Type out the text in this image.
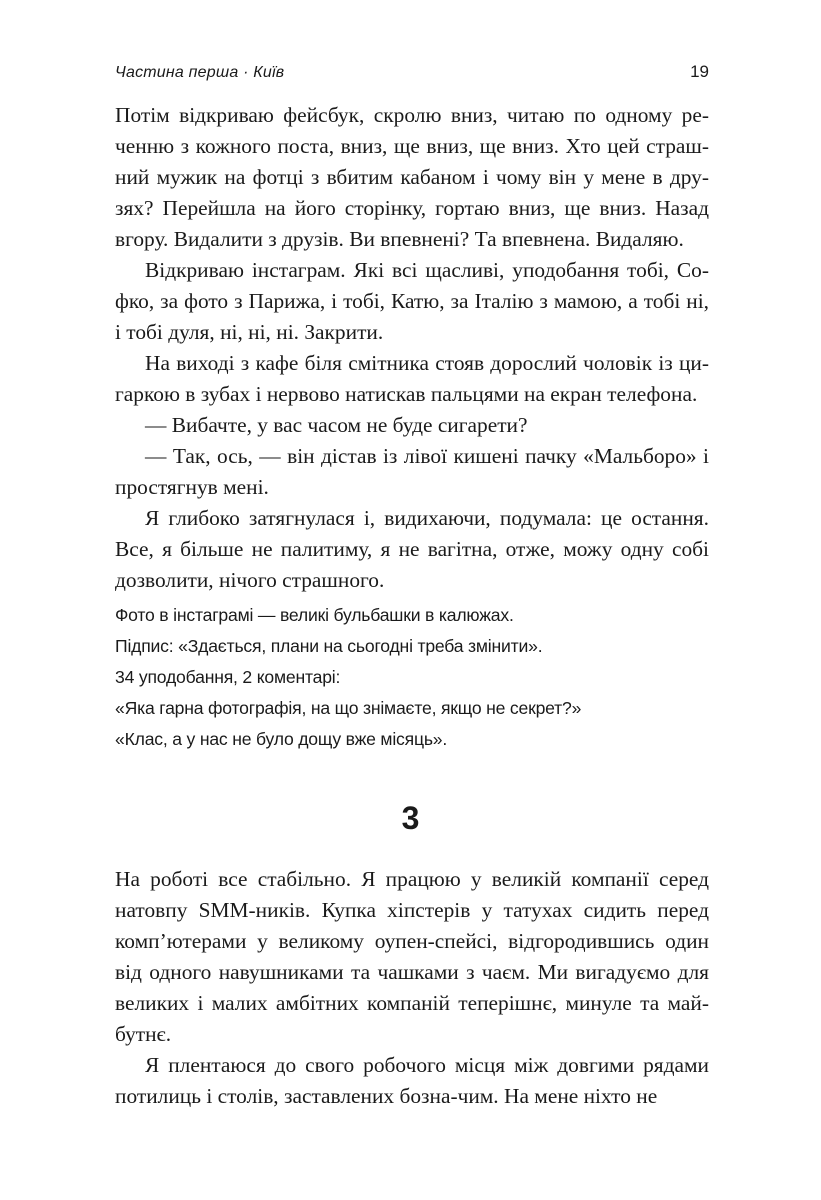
Частина перша · Київ	19

Потім відкриваю фейсбук, скролю вниз, читаю по одному реченню з кожного поста, вниз, ще вниз, ще вниз. Хто цей страшний мужик на фотці з вбитим кабаном і чому він у мене в друзях? Перейшла на його сторінку, гортаю вниз, ще вниз. Назад вгору. Видалити з друзів. Ви впевнені? Та впевнена. Видаляю.

Відкриваю інстаграм. Які всі щасливі, уподобання тобі, Софко, за фото з Парижа, і тобі, Катю, за Італію з мамою, а тобі ні, і тобі дуля, ні, ні, ні. Закрити.

На виході з кафе біля смітника стояв дорослий чоловік із цигаркою в зубах і нервово натискав пальцями на екран телефона.

— Вибачте, у вас часом не буде сигарети?

— Так, ось, — він дістав із лівої кишені пачку «Мальборо» і простягнув мені.

Я глибоко затягнулася і, видихаючи, подумала: це остання. Все, я більше не палитиму, я не вагітна, отже, можу одну собі дозволити, нічого страшного.

Фото в інстаграмі — великі бульбашки в калюжах.
Підпис: «Здається, плани на сьогодні треба змінити».
34 уподобання, 2 коментарі:
«Яка гарна фотографія, на що знімаєте, якщо не секрет?»
«Клас, а у нас не було дощу вже місяць».
3

На роботі все стабільно. Я працюю у великій компанії серед натовпу SMM-ників. Купка хіпстерів у татухах сидить перед комп’ютерами у великому оупен-спейсі, відгородившись один від одного навушниками та чашками з чаєм. Ми вигадуємо для великих і малих амбітних компаній теперішнє, минуле та майбутнє.

Я плентаюся до свого робочого місця між довгими рядами потилиць і столів, заставлених бозна-чим. На мене ніхто не
